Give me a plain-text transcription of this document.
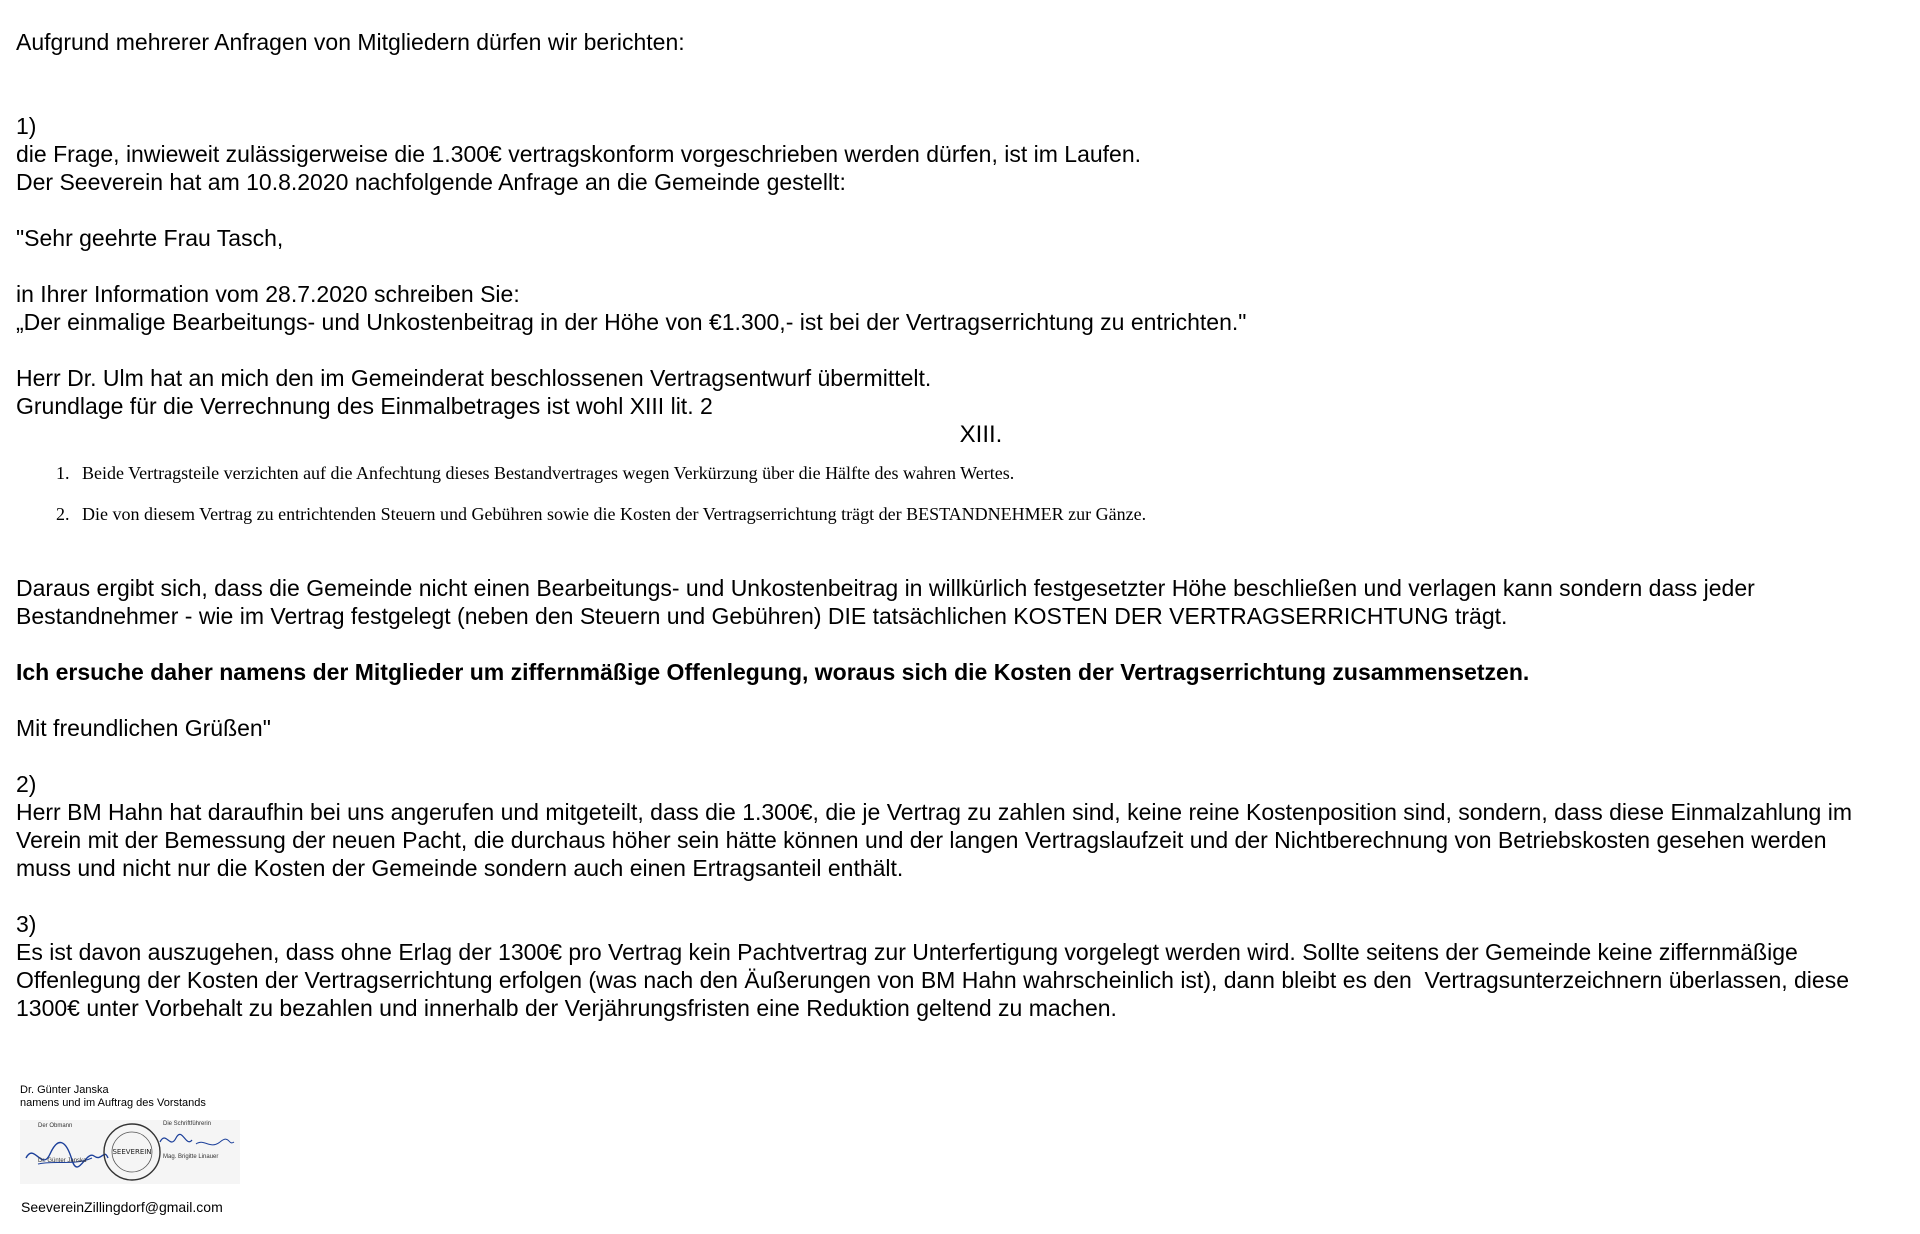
Aufgrund mehrerer Anfragen von Mitgliedern dürfen wir berichten:

1)

die Frage, inwieweit zulässigerweise die 1.300€ vertragskonform vorgeschrieben werden dürfen, ist im Laufen.

Der Seeverein hat am 10.8.2020 nachfolgende Anfrage an die Gemeinde gestellt:

"Sehr geehrte Frau Tasch,

in Ihrer Information vom 28.7.2020 schreiben Sie:

„Der einmalige Bearbeitungs- und Unkostenbeitrag in der Höhe von €1.300,- ist bei der Vertragserrichtung zu entrichten."

Herr Dr. Ulm hat an mich den im Gemeinderat beschlossenen Vertragsentwurf übermittelt.

Grundlage für die Verrechnung des Einmalbetrages ist wohl XIII lit. 2

XIII.

1. Beide Vertragsteile verzichten auf die Anfechtung dieses Bestandvertrages wegen Verkürzung über die Hälfte des wahren Wertes.
2. Die von diesem Vertrag zu entrichtenden Steuern und Gebühren sowie die Kosten der Vertragserrichtung trägt der BESTANDNEHMER zur Gänze.

Daraus ergibt sich, dass die Gemeinde nicht einen Bearbeitungs- und Unkostenbeitrag in willkürlich festgesetzter Höhe beschließen und verlagen kann sondern dass jeder

Bestandnehmer - wie im Vertrag festgelegt (neben den Steuern und Gebühren) DIE tatsächlichen KOSTEN DER VERTRAGSERRICHTUNG trägt.

Ich ersuche daher namens der Mitglieder um ziffernmäßige Offenlegung, woraus sich die Kosten der Vertragserrichtung zusammensetzen.

Mit freundlichen Grüßen"

2)

Herr BM Hahn hat daraufhin bei uns angerufen und mitgeteilt, dass die 1.300€, die je Vertrag zu zahlen sind, keine reine Kostenposition sind, sondern, dass diese Einmalzahlung im

Verein mit der Bemessung der neuen Pacht, die durchaus höher sein hätte können und der langen Vertragslaufzeit und der Nichtberechnung von Betriebskosten gesehen werden

muss und nicht nur die Kosten der Gemeinde sondern auch einen Ertragsanteil enthält.

3)

Es ist davon auszugehen, dass ohne Erlag der 1300€ pro Vertrag kein Pachtvertrag zur Unterfertigung vorgelegt werden wird. Sollte seitens der Gemeinde keine ziffernmäßige

Offenlegung der Kosten der Vertragserrichtung erfolgen (was nach den Äußerungen von BM Hahn wahrscheinlich ist), dann bleibt es den  Vertragsunterzeichnern überlassen, diese

1300€ unter Vorbehalt zu bezahlen und innerhalb der Verjährungsfristen eine Reduktion geltend zu machen.

Dr. Günter Janska

namens und im Auftrag des Vorstands

Der Obmann
SEEVEREIN
Dr. Günter Janska
Die Schriftführerin
Mag. Brigitte Linauer

SeevereinZillingdorf@gmail.com
